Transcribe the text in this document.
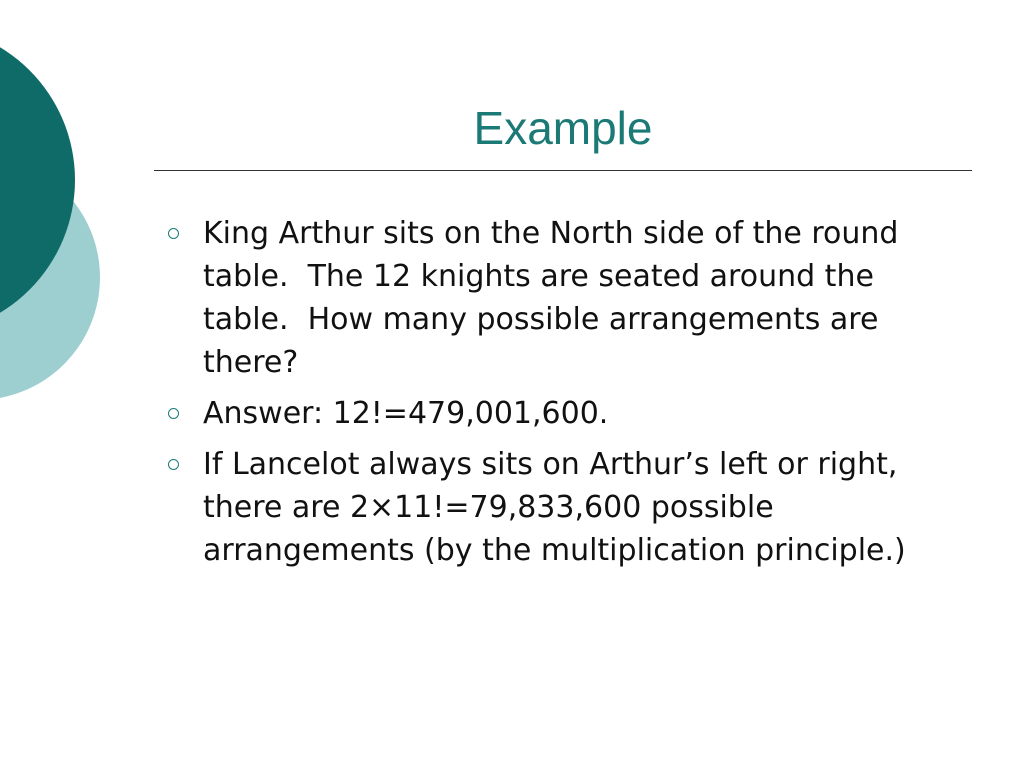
Example
King Arthur sits on the North side of the round table.  The 12 knights are seated around the table.  How many possible arrangements are there?
Answer: 12!=479,001,600.
If Lancelot always sits on Arthur’s left or right, there are 2×11!=79,833,600 possible arrangements (by the multiplication principle.)
